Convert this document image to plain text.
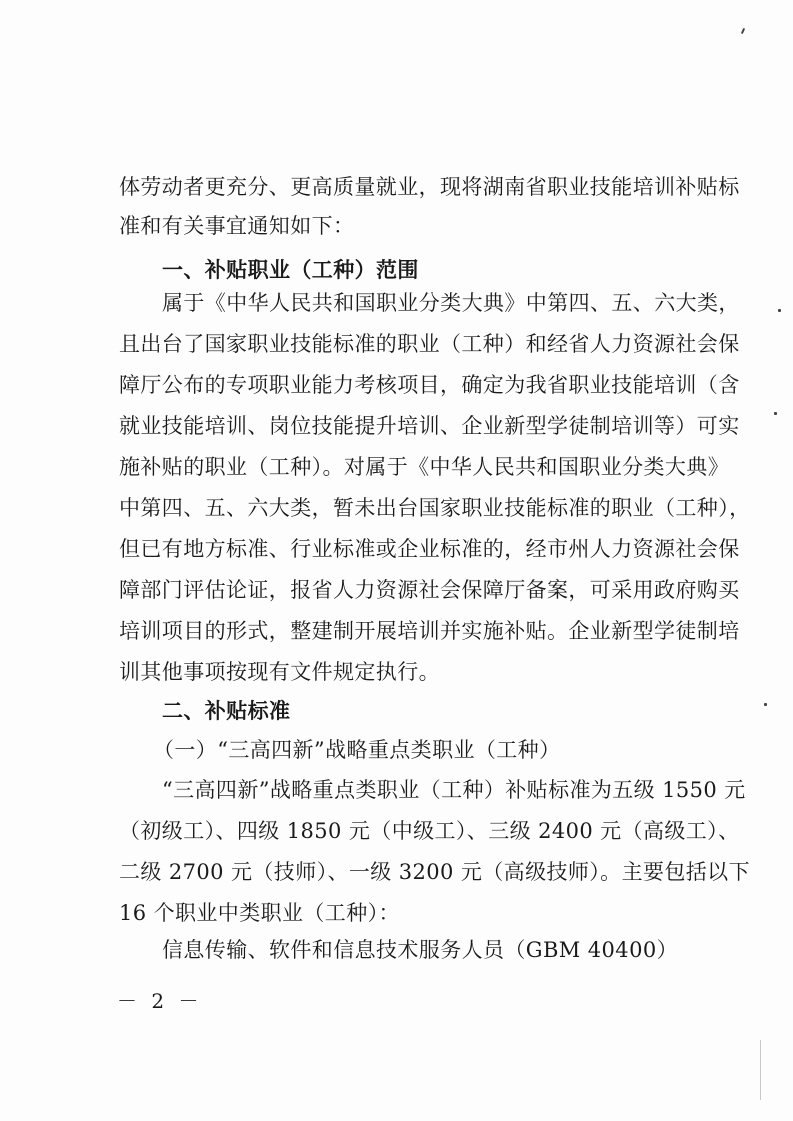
体劳动者更充分、更高质量就业，现将湖南省职业技能培训补贴标
准和有关事宜通知如下：
一、补贴职业（工种）范围
属于《中华人民共和国职业分类大典》中第四、五、六大类，
且出台了国家职业技能标准的职业（工种）和经省人力资源社会保
障厅公布的专项职业能力考核项目，确定为我省职业技能培训（含
就业技能培训、岗位技能提升培训、企业新型学徒制培训等）可实
施补贴的职业（工种）。对属于《中华人民共和国职业分类大典》
中第四、五、六大类，暂未出台国家职业技能标准的职业（工种），
但已有地方标准、行业标准或企业标准的，经市州人力资源社会保
障部门评估论证，报省人力资源社会保障厅备案，可采用政府购买
培训项目的形式，整建制开展培训并实施补贴。企业新型学徒制培
训其他事项按现有文件规定执行。
二、补贴标准
（一）“三高四新”战略重点类职业（工种）
“三高四新”战略重点类职业（工种）补贴标准为五级 1550 元
（初级工）、四级 1850 元（中级工）、三级 2400 元（高级工）、
二级 2700 元（技师）、一级 3200 元（高级技师）。主要包括以下
16 个职业中类职业（工种）：
信息传输、软件和信息技术服务人员（GBM 40400）
－ 2 －
